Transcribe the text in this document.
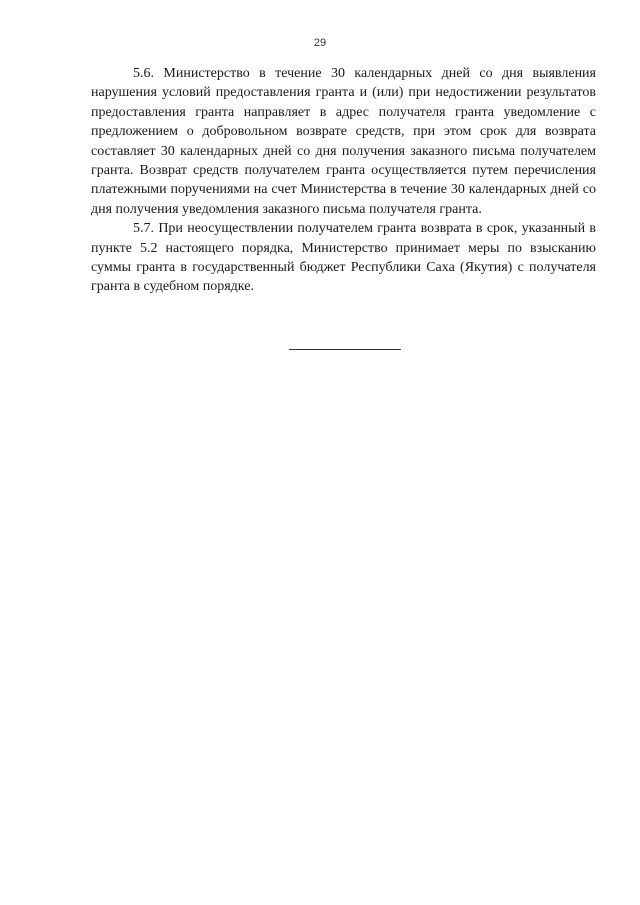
29

5.6. Министерство в течение 30 календарных дней со дня выявления нарушения условий предоставления гранта и (или) при недостижении результатов предоставления гранта направляет в адрес получателя гранта уведомление с предложением о добровольном возврате средств, при этом срок для возврата составляет 30 календарных дней со дня получения заказного письма получателем гранта. Возврат средств получателем гранта осуществляется путем перечисления платежными поручениями на счет Министерства в течение 30 календарных дней со дня получения уведомления заказного письма получателя гранта.

5.7. При неосуществлении получателем гранта возврата в срок, указанный в пункте 5.2 настоящего порядка, Министерство принимает меры по взысканию суммы гранта в государственный бюджет Республики Саха (Якутия) с получателя гранта в судебном порядке.
